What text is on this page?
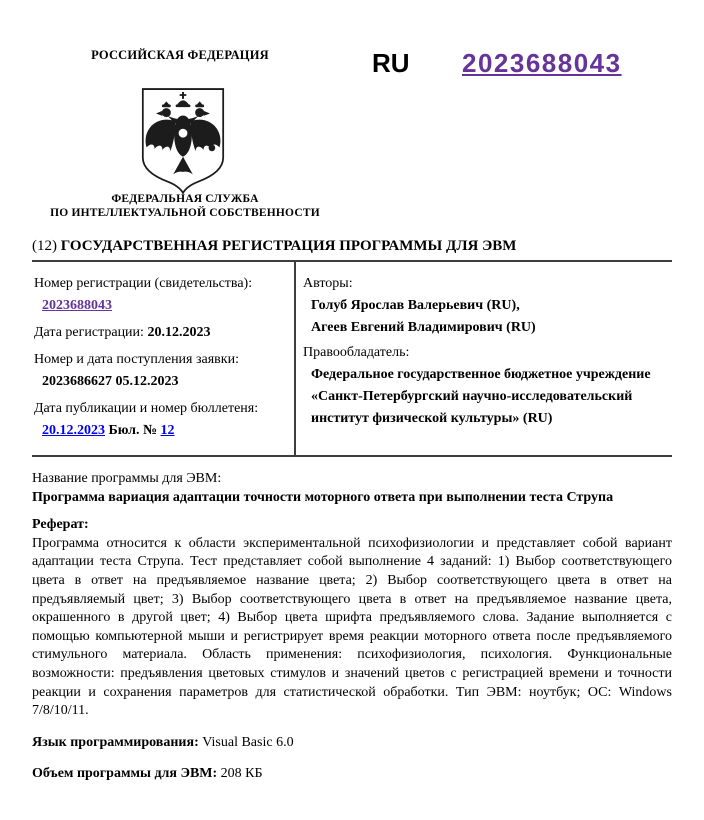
РОССИЙСКАЯ ФЕДЕРАЦИЯ
ФЕДЕРАЛЬНАЯ СЛУЖБА
ПО ИНТЕЛЛЕКТУАЛЬНОЙ СОБСТВЕННОСТИ
RU 2023688043
(12) ГОСУДАРСТВЕННАЯ РЕГИСТРАЦИЯ ПРОГРАММЫ ДЛЯ ЭВМ
Номер регистрации (свидетельства):
2023688043
Дата регистрации: 20.12.2023
Номер и дата поступления заявки:
2023686627 05.12.2023
Дата публикации и номер бюллетеня:
20.12.2023 Бюл. № 12
Авторы:
Голуб Ярослав Валерьевич (RU),
Агеев Евгений Владимирович (RU)
Правообладатель:
Федеральное государственное бюджетное учреждение «Санкт-Петербургский научно-исследовательский институт физической культуры» (RU)
Название программы для ЭВМ:
Программа вариация адаптации точности моторного ответа при выполнении теста Струпа
Реферат:
Программа относится к области экспериментальной психофизиологии и представляет собой вариант адаптации теста Струпа. Тест представляет собой выполнение 4 заданий: 1) Выбор соответствующего цвета в ответ на предъявляемое название цвета; 2) Выбор соответствующего цвета в ответ на предъявляемый цвет; 3) Выбор соответствующего цвета в ответ на предъявляемое название цвета, окрашенного в другой цвет; 4) Выбор цвета шрифта предъявляемого слова. Задание выполняется с помощью компьютерной мыши и регистрирует время реакции моторного ответа после предъявляемого стимульного материала. Область применения: психофизиология, психология. Функциональные возможности: предъявления цветовых стимулов и значений цветов с регистрацией времени и точности реакции и сохранения параметров для статистической обработки. Тип ЭВМ: ноутбук; ОС: Windows 7/8/10/11.
Язык программирования: Visual Basic 6.0
Объем программы для ЭВМ: 208 КБ
